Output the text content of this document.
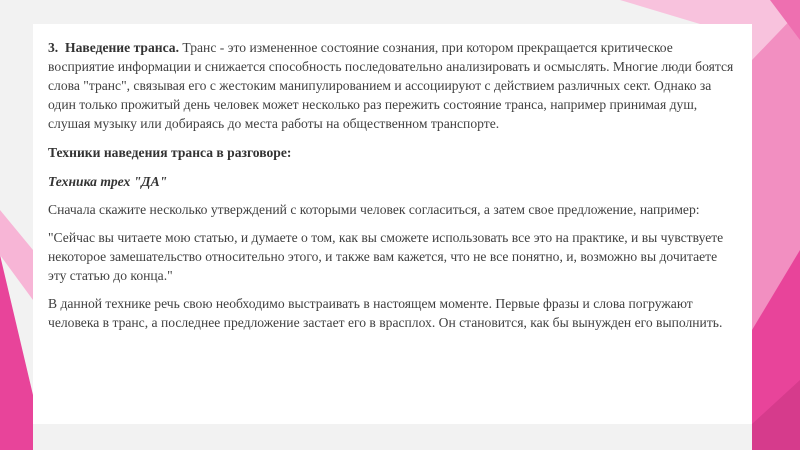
3. Наведение транса. Транс - это измененное состояние сознания, при котором прекращается критическое восприятие информации и снижается способность последовательно анализировать и осмыслять. Многие люди боятся слова "транс", связывая его с жестоким манипулированием и ассоциируют с действием различных сект. Однако за один только прожитый день человек может несколько раз пережить состояние транса, например принимая душ, слушая музыку или добираясь до места работы на общественном транспорте.

Техники наведения транса в разговоре:

Техника трех "ДА"

Сначала скажите несколько утверждений с которыми человек согласиться, а затем свое предложение, например:

"Сейчас вы читаете мою статью, и думаете о том, как вы сможете использовать все это на практике, и вы чувствуете некоторое замешательство относительно этого, и также вам кажется, что не все понятно, и, возможно вы дочитаете эту статью до конца."

В данной технике речь свою необходимо выстраивать в настоящем моменте. Первые фразы и слова погружают человека в транс, а последнее предложение застает его в врасплох. Он становится, как бы вынужден его выполнить.
